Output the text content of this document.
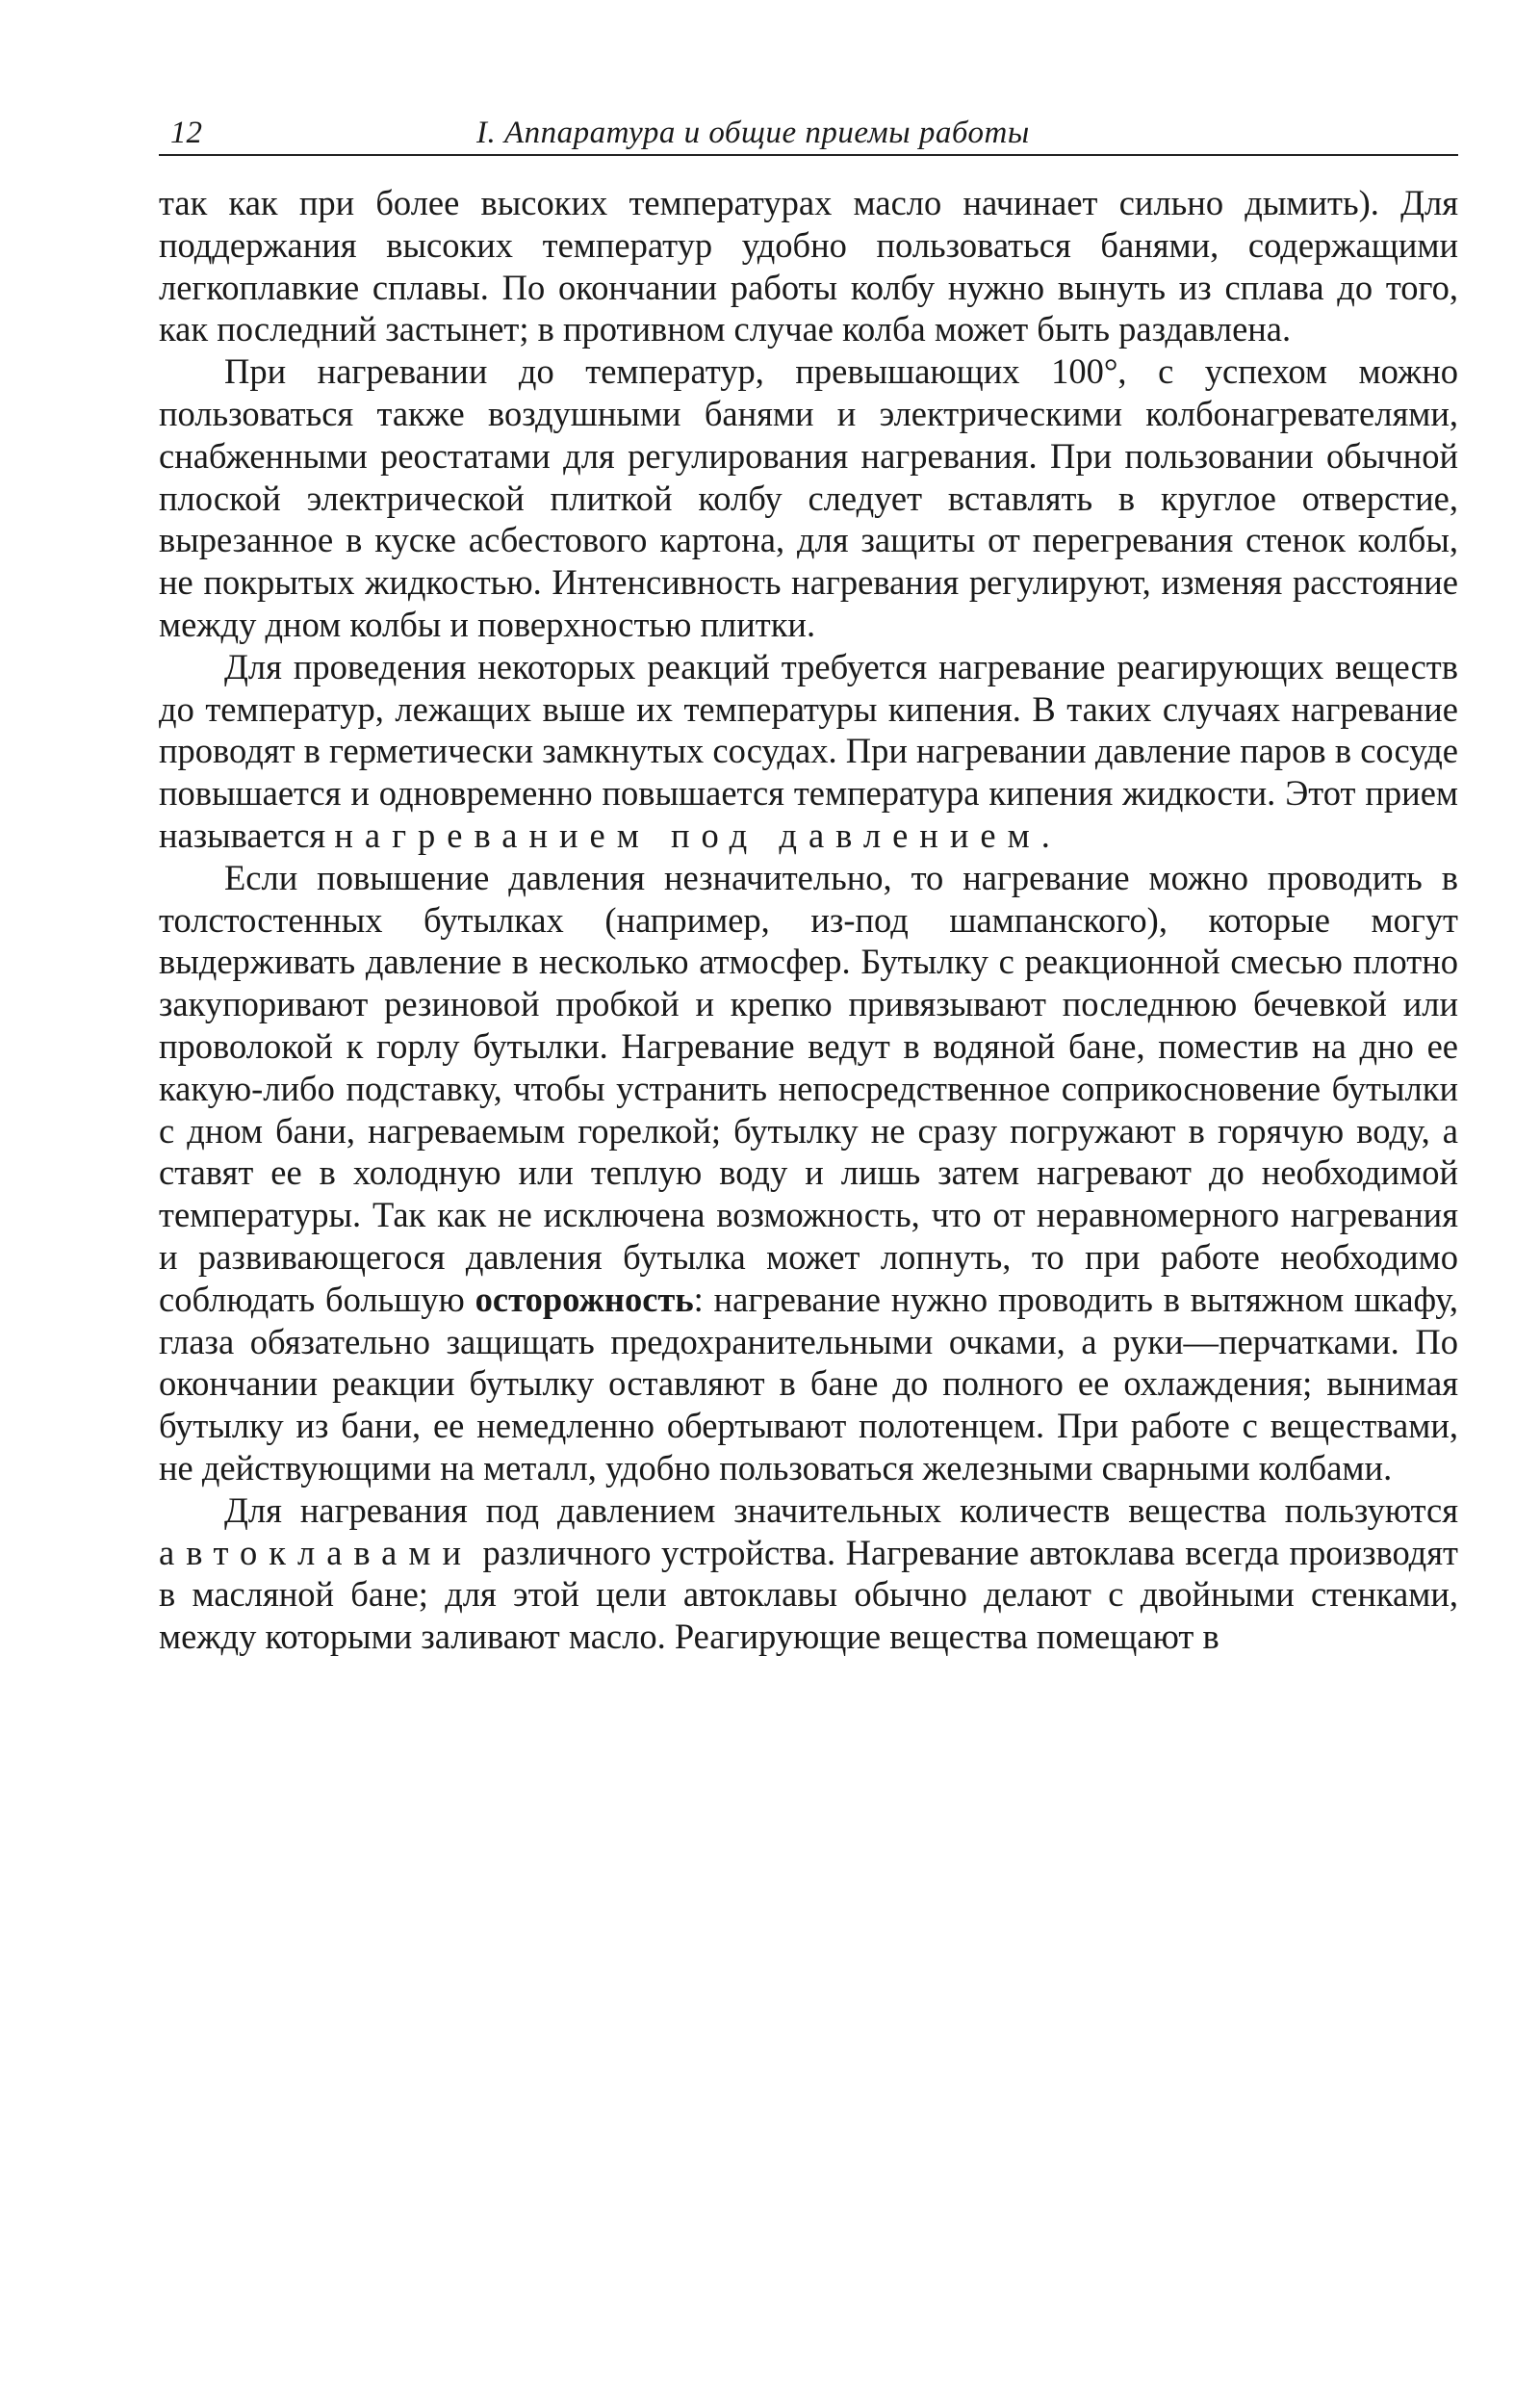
12	I. Аппаратура и общие приемы работы

так как при более высоких температурах масло начинает сильно дымить). Для поддержания высоких температур удобно пользоваться банями, содержащими легкоплавкие сплавы. По окончании работы колбу нужно вынуть из сплава до того, как последний застынет; в противном случае колба может быть раздавлена.

При нагревании до температур, превышающих 100°, с успехом можно пользоваться также воздушными банями и электрическими колбонагревателями, снабженными реостатами для регулирования нагревания. При пользовании обычной плоской электрической плиткой колбу следует вставлять в круглое отверстие, вырезанное в куске асбестового картона, для защиты от перегревания стенок колбы, не покрытых жидкостью. Интенсивность нагревания регулируют, изменяя расстояние между дном колбы и поверхностью плитки.

Для проведения некоторых реакций требуется нагревание реагирующих веществ до температур, лежащих выше их температуры кипения. В таких случаях нагревание проводят в герметически замкнутых сосудах. При нагревании давление паров в сосуде повышается и одновременно повышается температура кипения жидкости. Этот прием называется нагреванием под давлением.

Если повышение давления незначительно, то нагревание можно проводить в толстостенных бутылках (например, из-под шампанского), которые могут выдерживать давление в несколько атмосфер. Бутылку с реакционной смесью плотно закупоривают резиновой пробкой и крепко привязывают последнюю бечевкой или проволокой к горлу бутылки. Нагревание ведут в водяной бане, поместив на дно ее какую-либо подставку, чтобы устранить непосредственное соприкосновение бутылки с дном бани, нагреваемым горелкой; бутылку не сразу погружают в горячую воду, а ставят ее в холодную или теплую воду и лишь затем нагревают до необходимой температуры. Так как не исключена возможность, что от неравномерного нагревания и развивающегося давления бутылка может лопнуть, то при работе необходимо соблюдать большую осторожность: нагревание нужно проводить в вытяжном шкафу, глаза обязательно защищать предохранительными очками, а руки—перчатками. По окончании реакции бутылку оставляют в бане до полного ее охлаждения; вынимая бутылку из бани, ее немедленно обертывают полотенцем. При работе с веществами, не действующими на металл, удобно пользоваться железными сварными колбами.

Для нагревания под давлением значительных количеств вещества пользуются автоклавами различного устройства. Нагревание автоклава всегда производят в масляной бане; для этой цели автоклавы обычно делают с двойными стенками, между которыми заливают масло. Реагирующие вещества помещают в
